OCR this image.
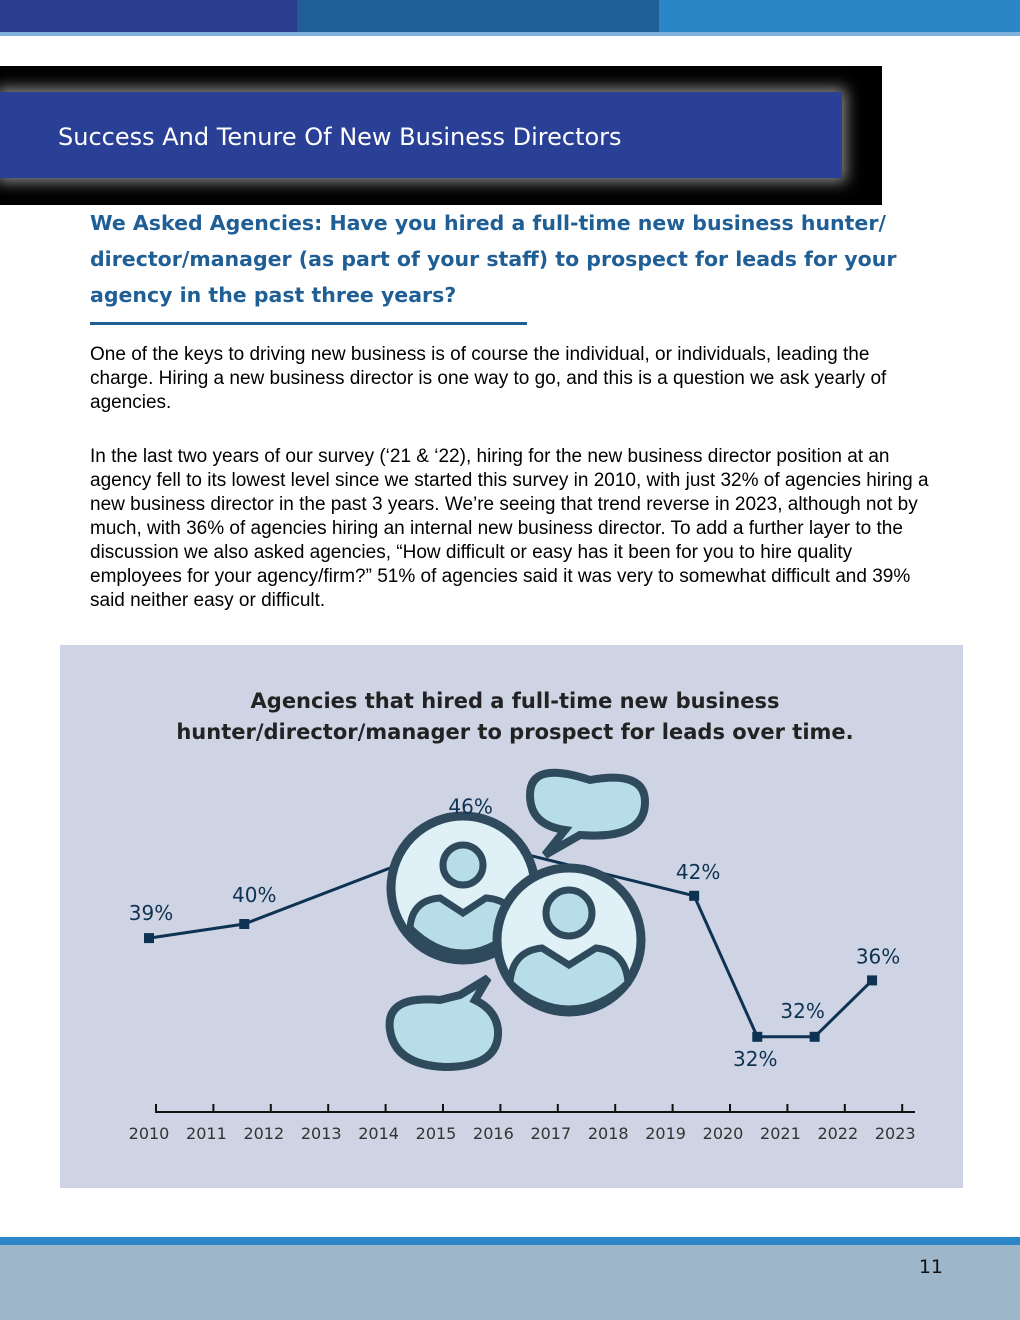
Success And Tenure Of New Business Directors
We Asked Agencies: Have you hired a full-time new business hunter/ director/manager (as part of your staff) to prospect for leads for your agency in the past three years?
One of the keys to driving new business is of course the individual, or individuals, leading the charge. Hiring a new business director is one way to go, and this is a question we ask yearly of agencies.
In the last two years of our survey (‘21 & ‘22), hiring for the new business director position at an agency fell to its lowest level since we started this survey in 2010, with just 32% of agencies hiring a new business director in the past 3 years. We’re seeing that trend reverse in 2023, although not by much, with 36% of agencies hiring an internal new business director. To add a further layer to the discussion we also asked agencies, “How difficult or easy has it been for you to hire quality employees for your agency/firm?” 51% of agencies said it was very to somewhat difficult and 39% said neither easy or difficult.
Agencies that hired a full-time new business
hunter/director/manager to prospect for leads over time.
2010 2011 2012 2013 2014 2015 2016 2017 2018 2019 2020 2021 2022 2023
39%
40%
46%
42%
32%
32%
36%
11
